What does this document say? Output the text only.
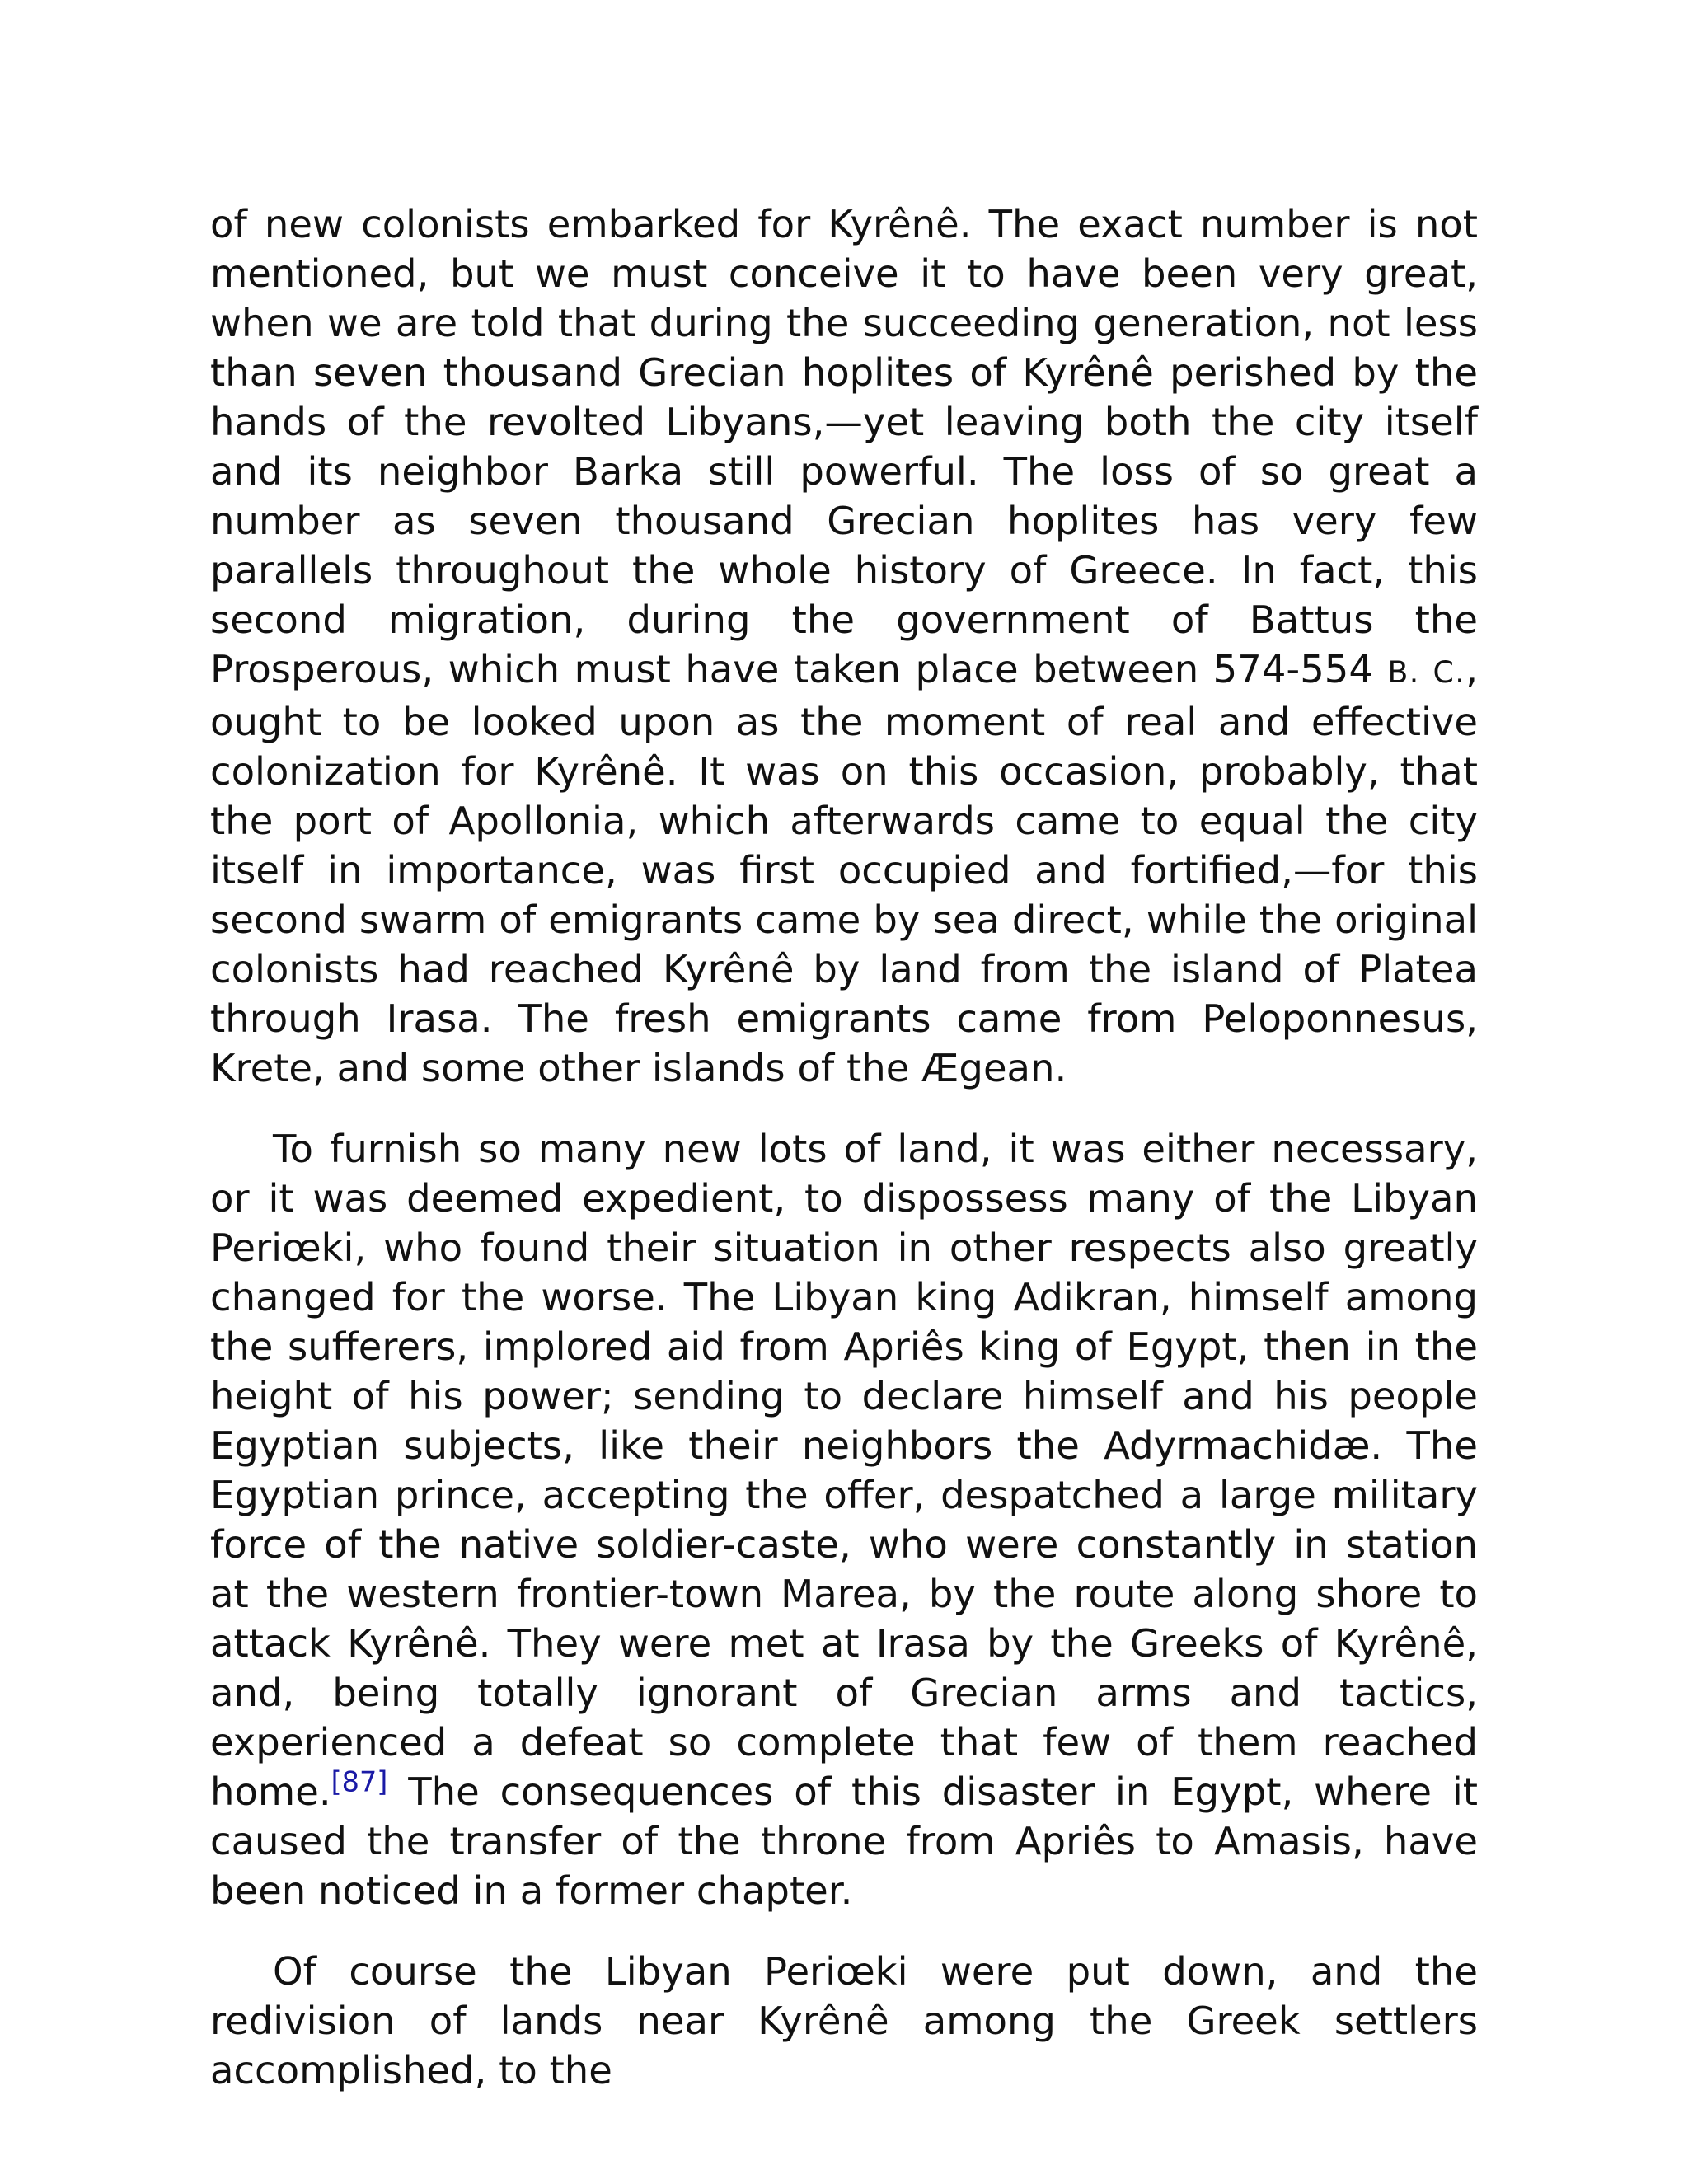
of new colonists embarked for Kyrênê. The exact number is not mentioned, but we must conceive it to have been very great, when we are told that during the succeeding generation, not less than seven thousand Grecian hoplites of Kyrênê perished by the hands of the revolted Libyans,—yet leaving both the city itself and its neighbor Barka still powerful. The loss of so great a number as seven thousand Grecian hoplites has very few parallels throughout the whole history of Greece. In fact, this second migration, during the government of Battus the Prosperous, which must have taken place between 574-554 B. C., ought to be looked upon as the moment of real and effective colonization for Kyrênê. It was on this occasion, probably, that the port of Apollonia, which afterwards came to equal the city itself in importance, was first occupied and fortified,—for this second swarm of emigrants came by sea direct, while the original colonists had reached Kyrênê by land from the island of Platea through Irasa. The fresh emigrants came from Peloponnesus, Krete, and some other islands of the Ægean.

To furnish so many new lots of land, it was either necessary, or it was deemed expedient, to dispossess many of the Libyan Periœki, who found their situation in other respects also greatly changed for the worse. The Libyan king Adikran, himself among the sufferers, implored aid from Apriês king of Egypt, then in the height of his power; sending to declare himself and his people Egyptian subjects, like their neighbors the Adyrmachidæ. The Egyptian prince, accepting the offer, despatched a large military force of the native soldier-caste, who were constantly in station at the western frontier-town Marea, by the route along shore to attack Kyrênê. They were met at Irasa by the Greeks of Kyrênê, and, being totally ignorant of Grecian arms and tactics, experienced a defeat so complete that few of them reached home.[87] The consequences of this disaster in Egypt, where it caused the transfer of the throne from Apriês to Amasis, have been noticed in a former chapter.

Of course the Libyan Periœki were put down, and the redivision of lands near Kyrênê among the Greek settlers accomplished, to the
